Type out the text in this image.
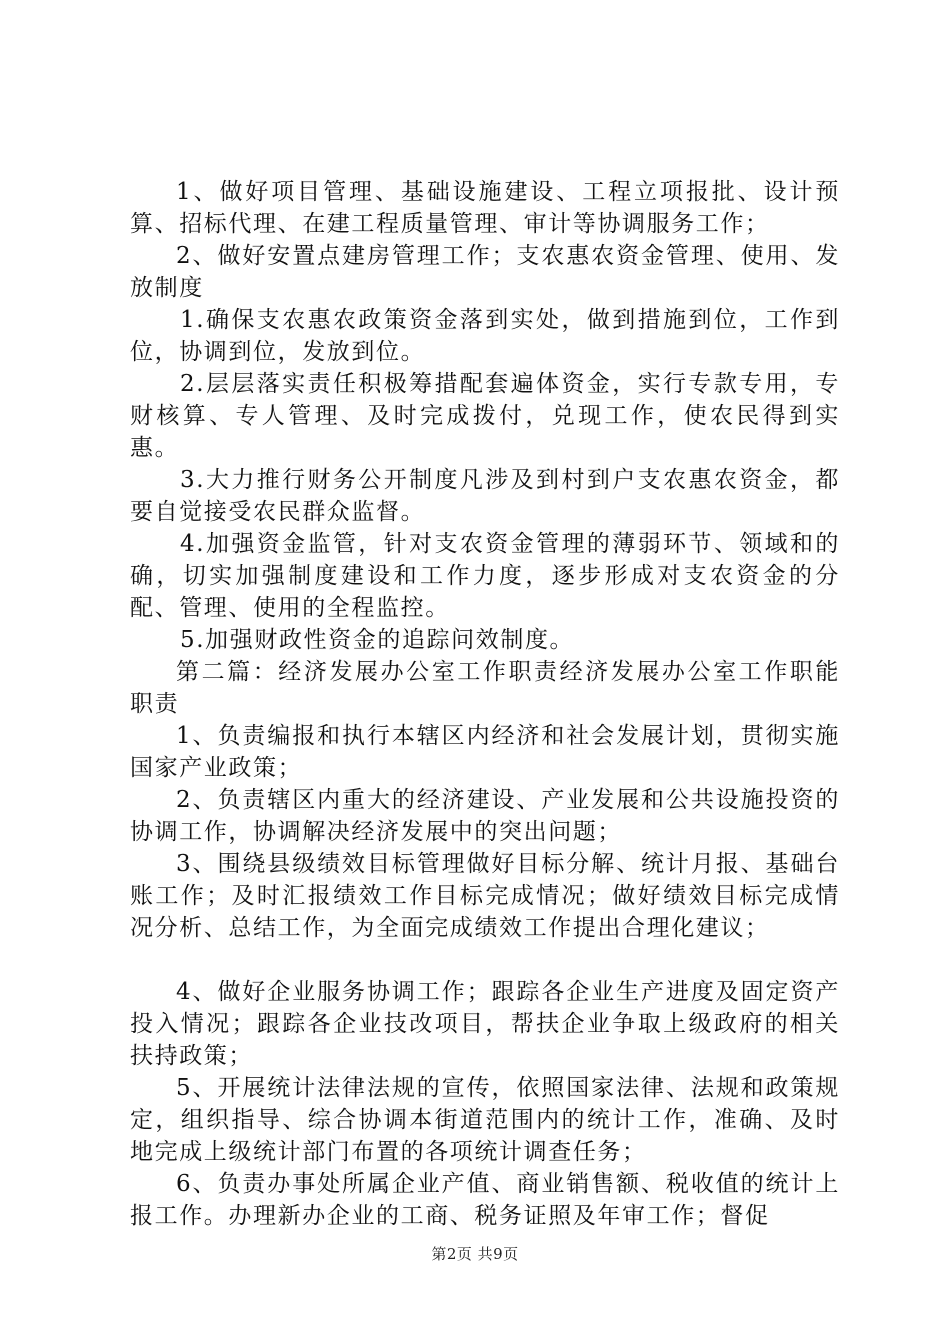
1、做好项目管理、基础设施建设、工程立项报批、设计预算、招标代理、在建工程质量管理、审计等协调服务工作；

2、做好安置点建房管理工作；支农惠农资金管理、使用、发放制度

1.确保支农惠农政策资金落到实处，做到措施到位，工作到位，协调到位，发放到位。

2.层层落实责任积极筹措配套遍体资金，实行专款专用，专财核算、专人管理、及时完成拨付，兑现工作，使农民得到实惠。

3.大力推行财务公开制度凡涉及到村到户支农惠农资金，都要自觉接受农民群众监督。

4.加强资金监管，针对支农资金管理的薄弱环节、领域和的确，切实加强制度建设和工作力度，逐步形成对支农资金的分配、管理、使用的全程监控。

5.加强财政性资金的追踪问效制度。

第二篇：经济发展办公室工作职责经济发展办公室工作职能职责

1、负责编报和执行本辖区内经济和社会发展计划，贯彻实施国家产业政策；

2、负责辖区内重大的经济建设、产业发展和公共设施投资的协调工作，协调解决经济发展中的突出问题；

3、围绕县级绩效目标管理做好目标分解、统计月报、基础台账工作；及时汇报绩效工作目标完成情况；做好绩效目标完成情况分析、总结工作，为全面完成绩效工作提出合理化建议；

4、做好企业服务协调工作；跟踪各企业生产进度及固定资产投入情况；跟踪各企业技改项目，帮扶企业争取上级政府的相关扶持政策；

5、开展统计法律法规的宣传，依照国家法律、法规和政策规定，组织指导、综合协调本街道范围内的统计工作，准确、及时地完成上级统计部门布置的各项统计调查任务；

6、负责办事处所属企业产值、商业销售额、税收值的统计上报工作。办理新办企业的工商、税务证照及年审工作；督促

第2页 共9页
